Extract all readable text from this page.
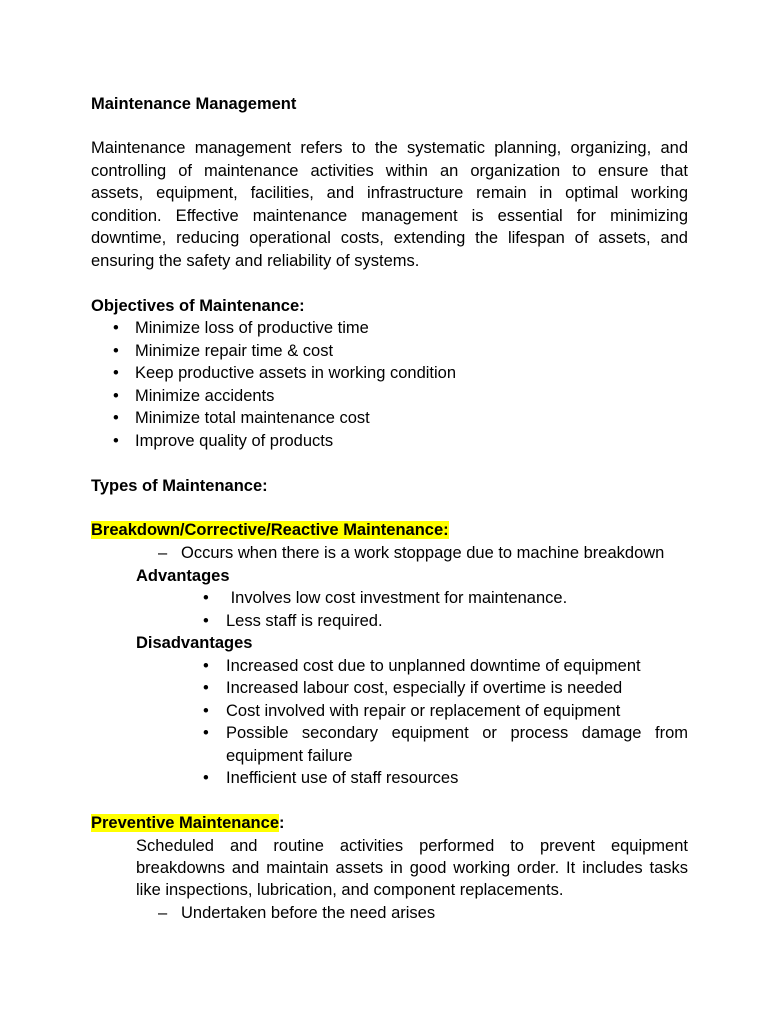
Maintenance Management
Maintenance management refers to the systematic planning, organizing, and
controlling of maintenance activities within an organization to ensure that
assets, equipment, facilities, and infrastructure remain in optimal working
condition. Effective maintenance management is essential for minimizing
downtime, reducing operational costs, extending the lifespan of assets, and
ensuring the safety and reliability of systems.
Objectives of Maintenance:
• Minimize loss of productive time
• Minimize repair time & cost
• Keep productive assets in working condition
• Minimize accidents
• Minimize total maintenance cost
• Improve quality of products
Types of Maintenance:
Breakdown/Corrective/Reactive Maintenance:
– Occurs when there is a work stoppage due to machine breakdown
Advantages
• Involves low cost investment for maintenance.
• Less staff is required.
Disadvantages
• Increased cost due to unplanned downtime of equipment
• Increased labour cost, especially if overtime is needed
• Cost involved with repair or replacement of equipment
• Possible secondary equipment or process damage from
equipment failure
• Inefficient use of staff resources
Preventive Maintenance:
Scheduled and routine activities performed to prevent equipment
breakdowns and maintain assets in good working order. It includes tasks
like inspections, lubrication, and component replacements.
– Undertaken before the need arises
